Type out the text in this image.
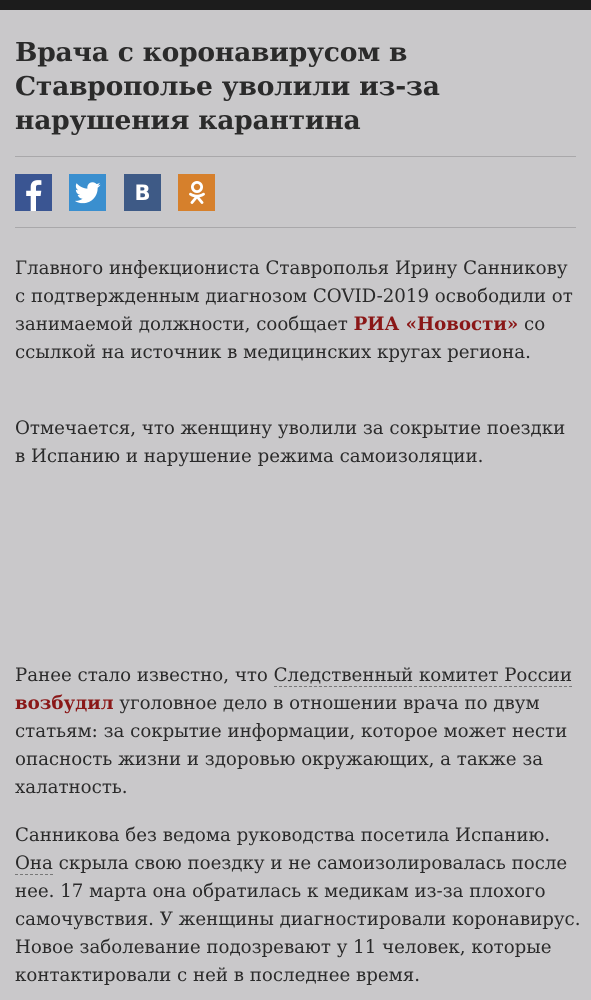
Врача с коронавирусом в Ставрополье уволили из-за нарушения карантина
B

Главного инфекциониста Ставрополья Ирину Санникову с подтвержденным диагнозом COVID-2019 освободили от занимаемой должности, сообщает РИА «Новости» со ссылкой на источник в медицинских кругах региона.

Отмечается, что женщину уволили за сокрытие поездки в Испанию и нарушение режима самоизоляции.

Ранее стало известно, что Следственный комитет России возбудил уголовное дело в отношении врача по двум статьям: за сокрытие информации, которое может нести опасность жизни и здоровью окружающих, а также за халатность.

Санникова без ведома руководства посетила Испанию. Она скрыла свою поездку и не самоизолировалась после нее. 17 марта она обратилась к медикам из-за плохого самочувствия. У женщины диагностировали коронавирус. Новое заболевание подозревают у 11 человек, которые контактировали с ней в последнее время.
